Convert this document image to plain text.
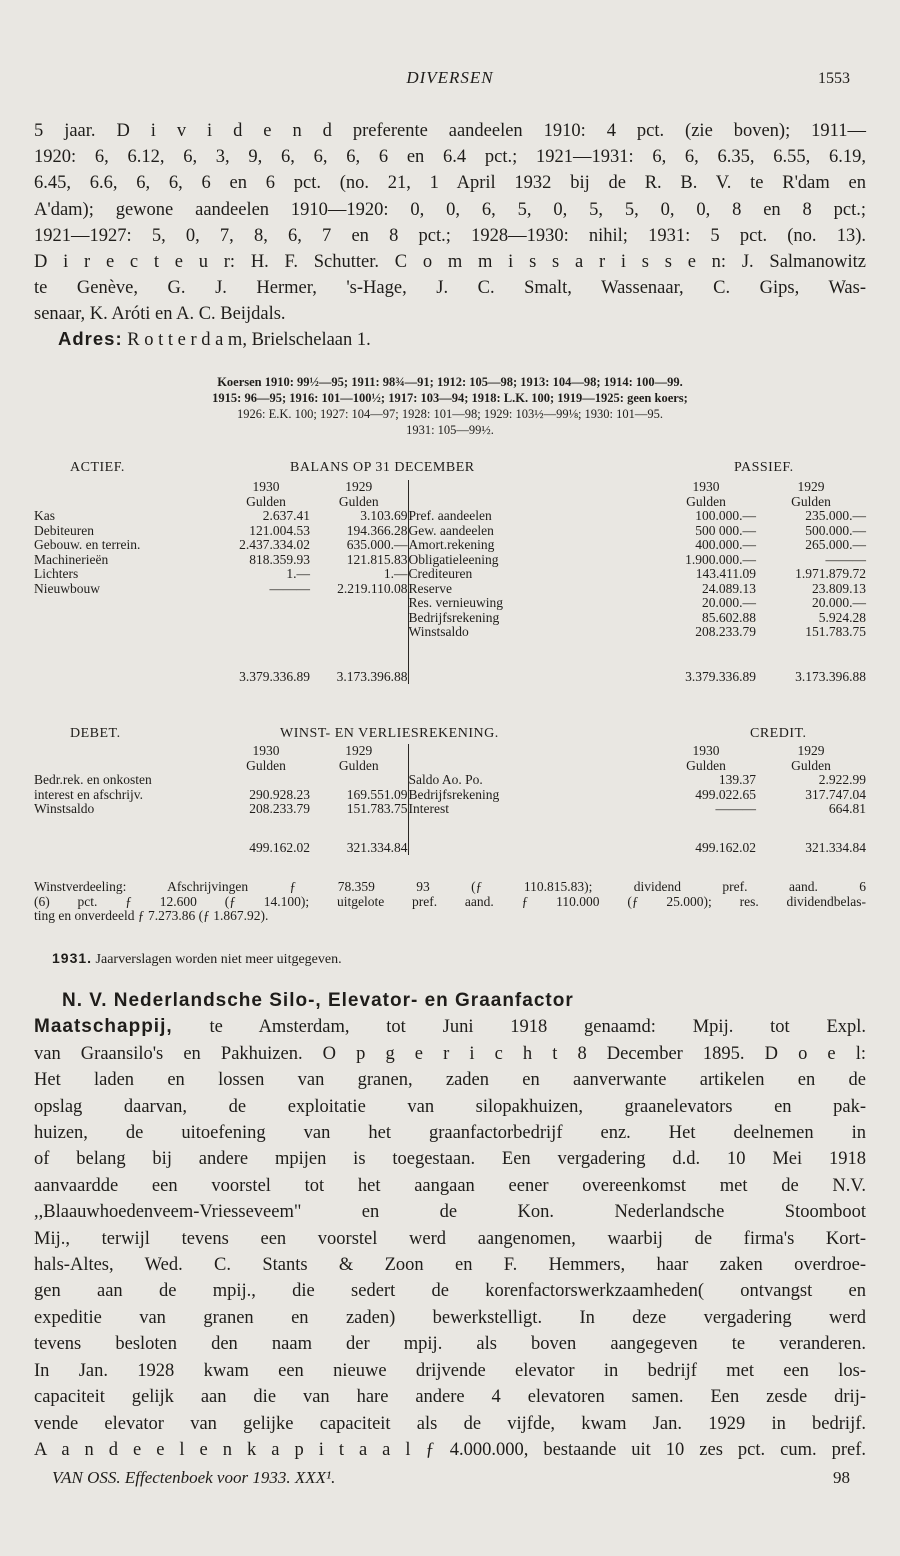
DIVERSEN	1553
5 jaar. D i v i d e n d preferente aandeelen 1910: 4 pct. (zie boven); 1911—
1920: 6, 6.12, 6, 3, 9, 6, 6, 6, 6 en 6.4 pct.; 1921—1931: 6, 6, 6.35, 6.55, 6.19,
6.45, 6.6, 6, 6, 6 en 6 pct. (no. 21, 1 April 1932 bij de R. B. V. te R'dam en
A'dam); gewone aandeelen 1910—1920: 0, 0, 6, 5, 0, 5, 5, 0, 0, 8 en 8 pct.;
1921—1927: 5, 0, 7, 8, 6, 7 en 8 pct.; 1928—1930: nihil; 1931: 5 pct. (no. 13).
D i r e c t e u r: H. F. Schutter. C o m m i s s a r i s s e n: J. Salmanowitz
te Genève, G. J. Hermer, 's-Hage, J. C. Smalt, Wassenaar, C. Gips, Was-
senaar, K. Aróti en A. C. Beijdals.
Adres: R o t t e r d a m, Brielschelaan 1.
Koersen 1910: 99½—95; 1911: 98¾—91; 1912: 105—98; 1913: 104—98; 1914: 100—99.
1915: 96—95; 1916: 101—100½; 1917: 103—94; 1918: L.K. 100; 1919—1925: geen koers;
1926: E.K. 100; 1927: 104—97; 1928: 101—98; 1929: 103½—99⅛; 1930: 101—95.
1931: 105—99½.
ACTIEF.	BALANS OP 31 DECEMBER	PASSIEF.
	1930	1929		1930	1929
	Gulden	Gulden		Gulden	Gulden
Kas	2.637.41	3.103.69	Pref. aandeelen	100.000.—	235.000.—
Debiteuren	121.004.53	194.366.28	Gew. aandeelen	500 000.—	500.000.—
Gebouw. en terrein.	2.437.334.02	635.000.—	Amort.rekening	400.000.—	265.000.—
Machinerieën	818.359.93	121.815.83	Obligatieleening	1.900.000.—	———
Lichters	1.—	1.—	Crediteuren	143.411.09	1.971.879.72
Nieuwbouw	———	2.219.110.08	Reserve	24.089.13	23.809.13
			Res. vernieuwing	20.000.—	20.000.—
			Bedrijfsrekening	85.602.88	5.924.28
			Winstsaldo	208.233.79	151.783.75

	3.379.336.89	3.173.396.88		3.379.336.89	3.173.396.88
DEBET.	WINST- EN VERLIESREKENING.	CREDIT.
	1930	1929		1930	1929
	Gulden	Gulden		Gulden	Gulden
Bedr.rek. en onkosten			Saldo Ao. Po.	139.37	2.922.99
interest en afschrijv.	290.928.23	169.551.09	Bedrijfsrekening	499.022.65	317.747.04
Winstsaldo	208.233.79	151.783.75	Interest	———	664.81

	499.162.02	321.334.84		499.162.02	321.334.84
Winstverdeeling: Afschrijvingen ƒ 78.359 93 (ƒ 110.815.83); dividend pref. aand. 6
(6) pct. ƒ 12.600 (ƒ 14.100); uitgelote pref. aand. ƒ 110.000 (ƒ 25.000); res. dividendbelas-
ting en onverdeeld ƒ 7.273.86 (ƒ 1.867.92).
1931. Jaarverslagen worden niet meer uitgegeven.
N. V. Nederlandsche Silo-, Elevator- en Graanfactor
Maatschappij, te Amsterdam, tot Juni 1918 genaamd: Mpij. tot Expl.
van Graansilo's en Pakhuizen. O p g e r i c h t 8 December 1895. D o e l:
Het laden en lossen van granen, zaden en aanverwante artikelen en de
opslag daarvan, de exploitatie van silopakhuizen, graanelevators en pak-
huizen, de uitoefening van het graanfactorbedrijf enz. Het deelnemen in
of belang bij andere mpijen is toegestaan. Een vergadering d.d. 10 Mei 1918
aanvaardde een voorstel tot het aangaan eener overeenkomst met de N.V.
,,Blaauwhoedenveem-Vriesseveem" en de Kon. Nederlandsche Stoomboot
Mij., terwijl tevens een voorstel werd aangenomen, waarbij de firma's Kort-
hals-Altes, Wed. C. Stants & Zoon en F. Hemmers, haar zaken overdroe-
gen aan de mpij., die sedert de korenfactorswerkzaamheden( ontvangst en
expeditie van granen en zaden) bewerkstelligt. In deze vergadering werd
tevens besloten den naam der mpij. als boven aangegeven te veranderen.
In Jan. 1928 kwam een nieuwe drijvende elevator in bedrijf met een los-
capaciteit gelijk aan die van hare andere 4 elevatoren samen. Een zesde drij-
vende elevator van gelijke capaciteit als de vijfde, kwam Jan. 1929 in bedrijf.
A a n d e e l e n k a p i t a a l ƒ 4.000.000, bestaande uit 10 zes pct. cum. pref.
VAN OSS. Effectenboek voor 1933. XXX¹.	98
